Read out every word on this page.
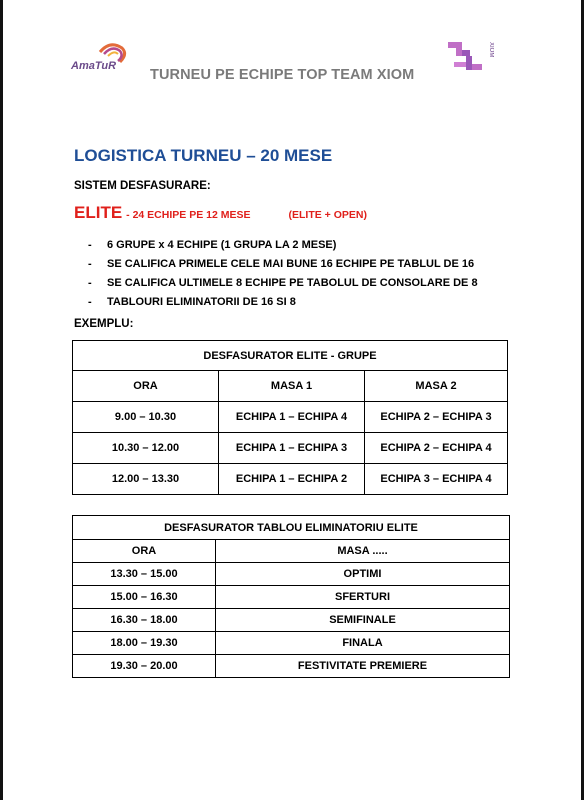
AmaTuR
XIOM
TURNEU PE ECHIPE TOP TEAM XIOM
LOGISTICA TURNEU – 20 MESE
SISTEM DESFASURARE:
ELITE - 24 ECHIPE PE 12 MESE	(ELITE + OPEN)
- 6 GRUPE x 4 ECHIPE (1 GRUPA LA 2 MESE)
- SE CALIFICA PRIMELE CELE MAI BUNE 16 ECHIPE PE TABLUL DE 16
- SE CALIFICA ULTIMELE 8 ECHIPE PE TABOLUL DE CONSOLARE DE 8
- TABLOURI ELIMINATORII DE 16 SI 8
EXEMPLU:
DESFASURATOR ELITE - GRUPE		
ORA	MASA 1	MASA 2
9.00 – 10.30	ECHIPA 1 – ECHIPA 4	ECHIPA 2 – ECHIPA 3
10.30 – 12.00	ECHIPA 1 – ECHIPA 3	ECHIPA 2 – ECHIPA 4
12.00 – 13.30	ECHIPA 1 – ECHIPA 2	ECHIPA 3 – ECHIPA 4
DESFASURATOR TABLOU ELIMINATORIU ELITE	
ORA	MASA .....
13.30 – 15.00	OPTIMI
15.00 – 16.30	SFERTURI
16.30 – 18.00	SEMIFINALE
18.00 – 19.30	FINALA
19.30 – 20.00	FESTIVITATE PREMIERE
